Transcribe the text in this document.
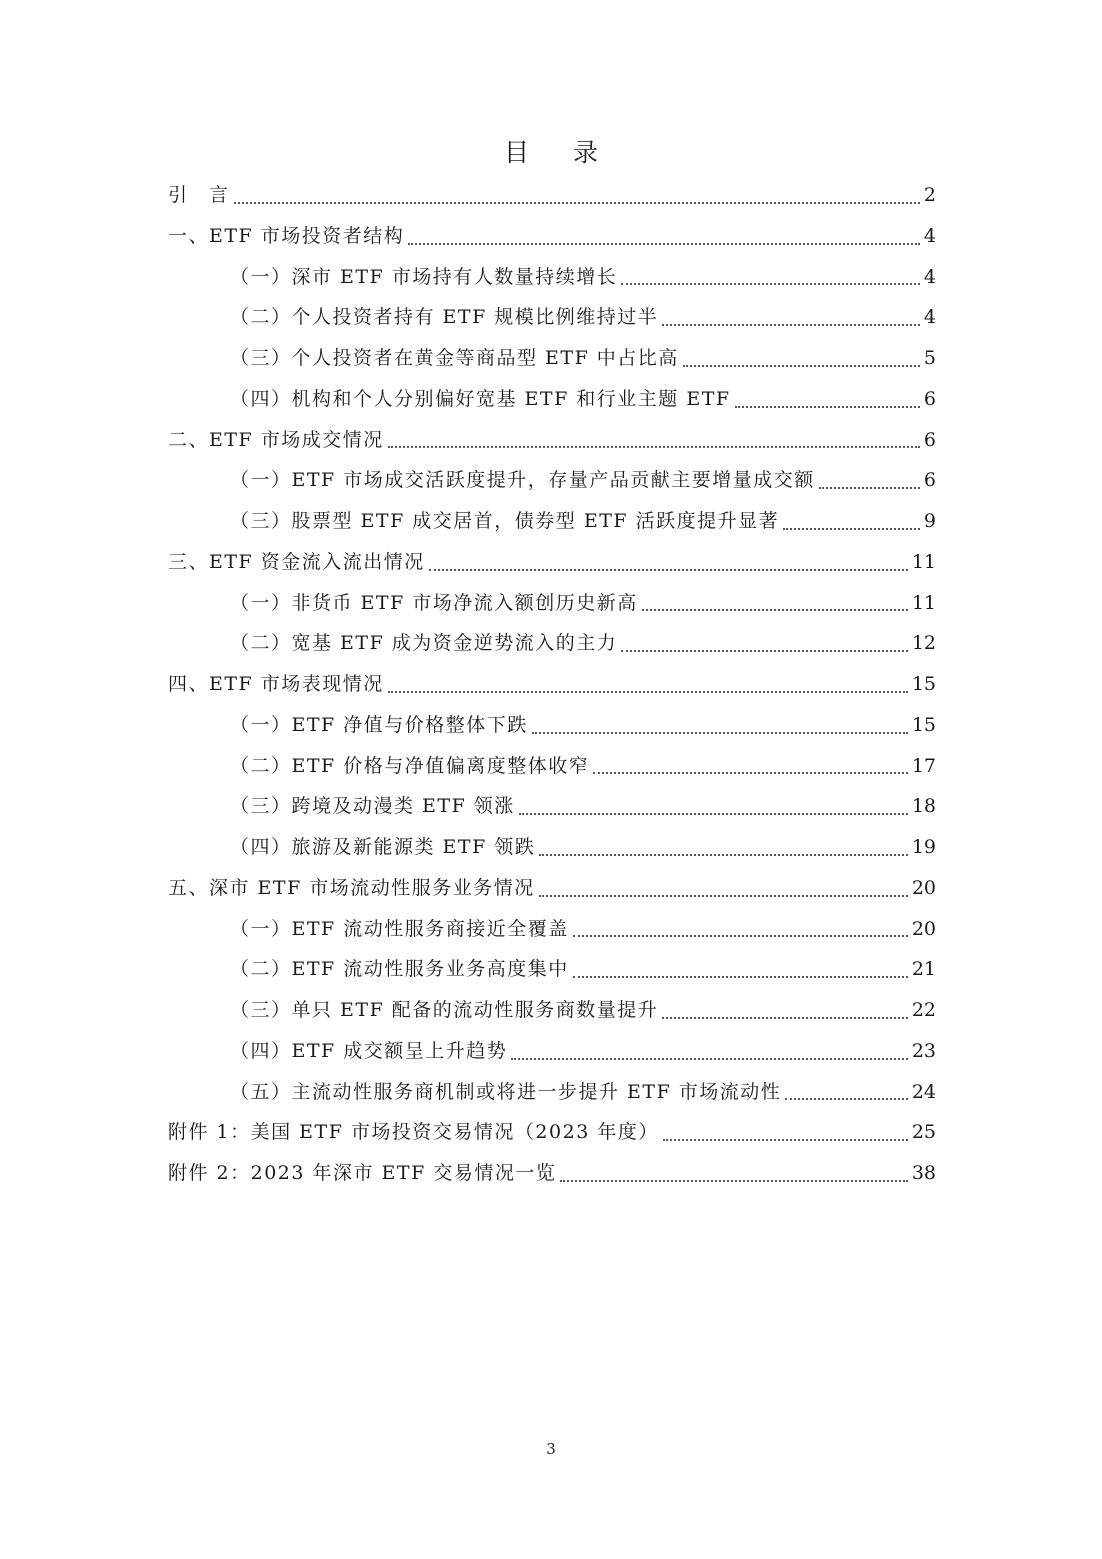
目 录
引　言	2
一、ETF 市场投资者结构	4
（一）深市 ETF 市场持有人数量持续增长	4
（二）个人投资者持有 ETF 规模比例维持过半	4
（三）个人投资者在黄金等商品型 ETF 中占比高	5
（四）机构和个人分别偏好宽基 ETF 和行业主题 ETF	6
二、ETF 市场成交情况	6
（一）ETF 市场成交活跃度提升，存量产品贡献主要增量成交额	6
（三）股票型 ETF 成交居首，债券型 ETF 活跃度提升显著	9
三、ETF 资金流入流出情况	11
（一）非货币 ETF 市场净流入额创历史新高	11
（二）宽基 ETF 成为资金逆势流入的主力	12
四、ETF 市场表现情况	15
（一）ETF 净值与价格整体下跌	15
（二）ETF 价格与净值偏离度整体收窄	17
（三）跨境及动漫类 ETF 领涨	18
（四）旅游及新能源类 ETF 领跌	19
五、深市 ETF 市场流动性服务业务情况	20
（一）ETF 流动性服务商接近全覆盖	20
（二）ETF 流动性服务业务高度集中	21
（三）单只 ETF 配备的流动性服务商数量提升	22
（四）ETF 成交额呈上升趋势	23
（五）主流动性服务商机制或将进一步提升 ETF 市场流动性	24
附件 1：美国 ETF 市场投资交易情况（2023 年度）	25
附件 2：2023 年深市 ETF 交易情况一览	38
3
